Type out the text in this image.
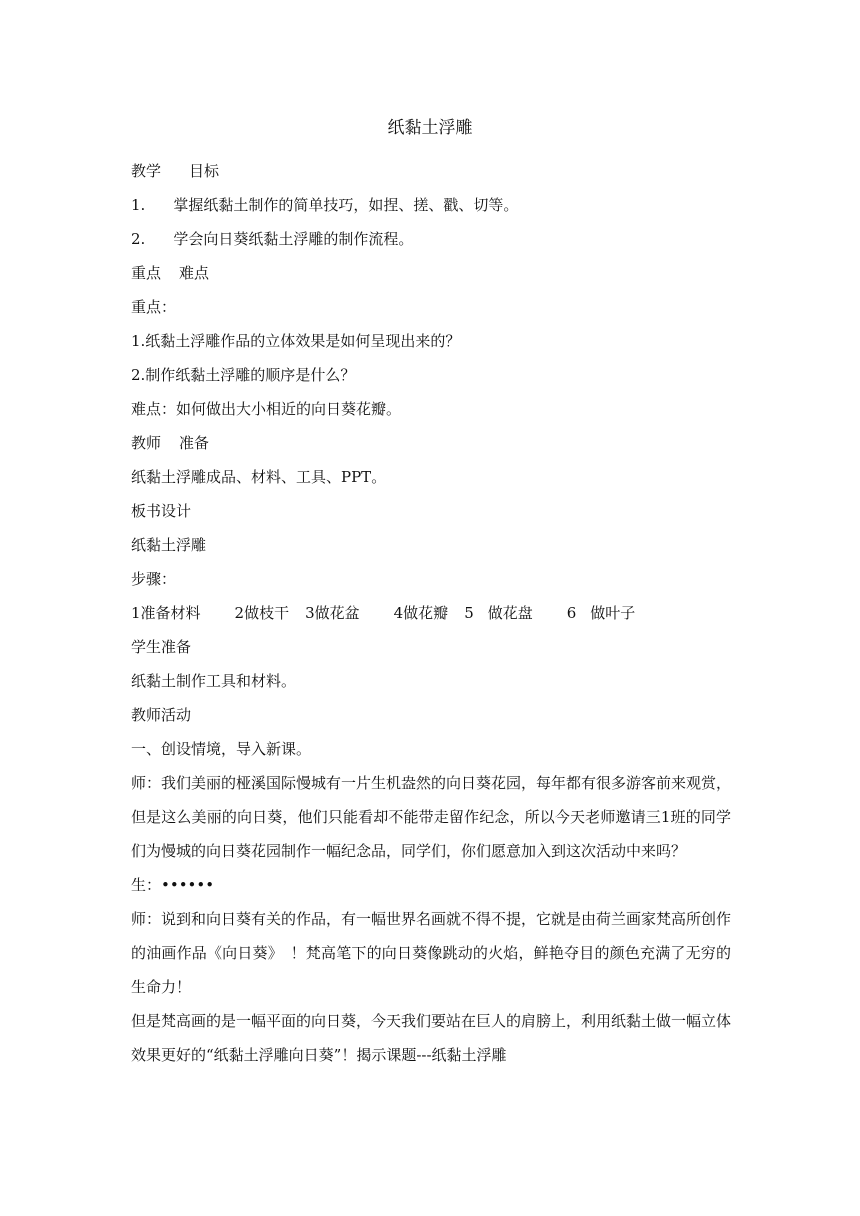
纸黏土浮雕
教学 目标
1. 掌握纸黏土制作的简单技巧，如捏、搓、戳、切等。
2. 学会向日葵纸黏土浮雕的制作流程。
重点 难点
重点：
1.纸黏土浮雕作品的立体效果是如何呈现出来的？
2.制作纸黏土浮雕的顺序是什么？
难点：如何做出大小相近的向日葵花瓣。
教师 准备
纸黏土浮雕成品、材料、工具、PPT。
板书设计
纸黏土浮雕
步骤：
1准备材料 2做枝干 3做花盆 4做花瓣 5 做花盘 6 做叶子
学生准备
纸黏土制作工具和材料。
教师活动
一、创设情境，导入新课。
师：我们美丽的桠溪国际慢城有一片生机盎然的向日葵花园，每年都有很多游客前来观赏，但是这么美丽的向日葵，他们只能看却不能带走留作纪念，所以今天老师邀请三1班的同学们为慢城的向日葵花园制作一幅纪念品，同学们，你们愿意加入到这次活动中来吗？
生：••••••
师：说到和向日葵有关的作品，有一幅世界名画就不得不提，它就是由荷兰画家梵高所创作的油画作品《向日葵》　！梵高笔下的向日葵像跳动的火焰，鲜艳夺目的颜色充满了无穷的生命力！
但是梵高画的是一幅平面的向日葵，今天我们要站在巨人的肩膀上，利用纸黏土做一幅立体效果更好的“纸黏土浮雕向日葵”！揭示课题---纸黏土浮雕
